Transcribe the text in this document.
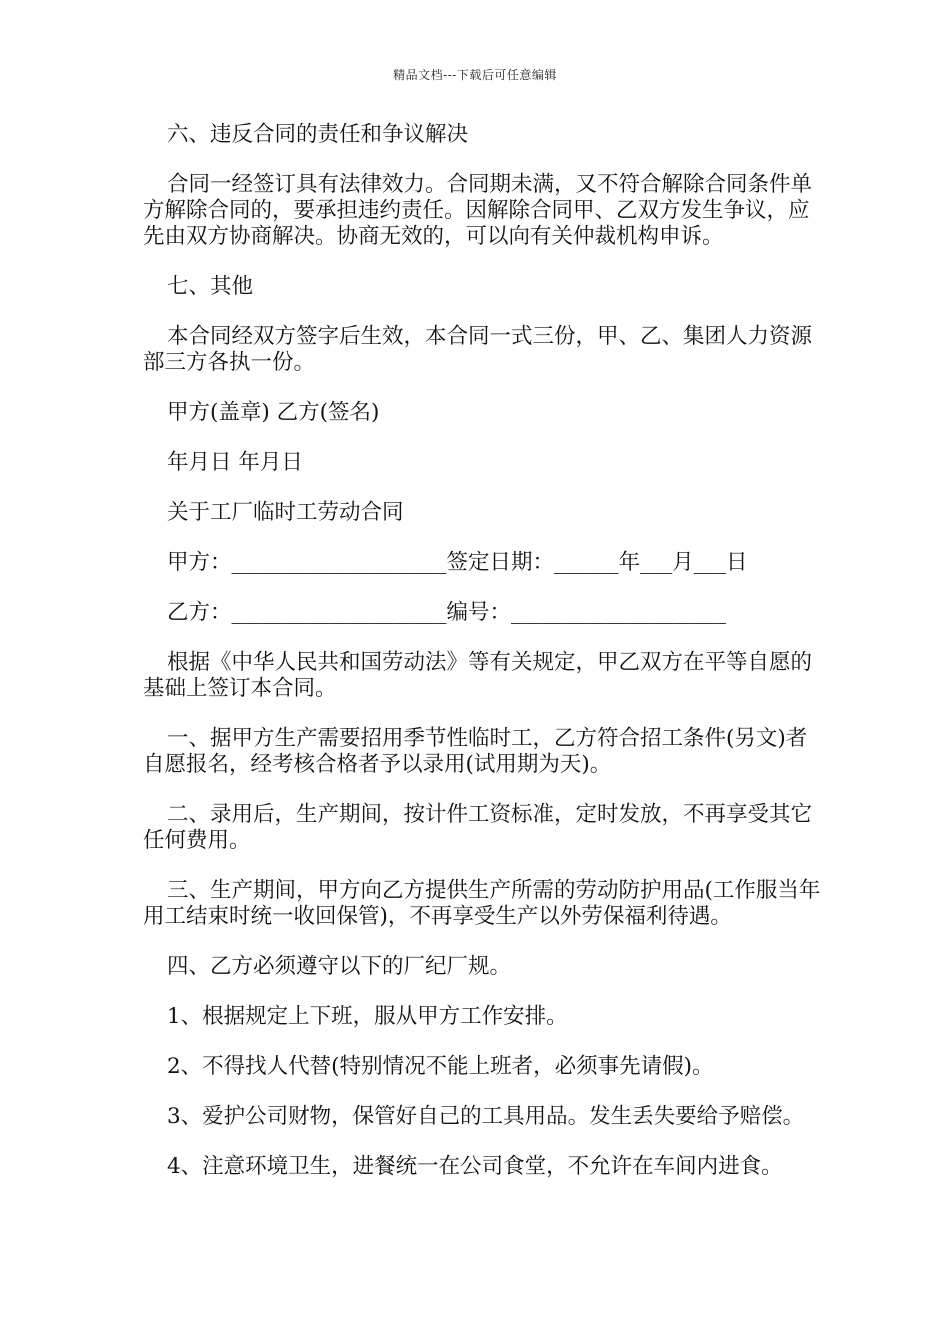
精品文档---下载后可任意编辑

六、违反合同的责任和争议解决

合同一经签订具有法律效力。合同期未满，又不符合解除合同条件单方解除合同的，要承担违约责任。因解除合同甲、乙双方发生争议，应先由双方协商解决。协商无效的，可以向有关仲裁机构申诉。

七、其他

本合同经双方签字后生效，本合同一式三份，甲、乙、集团人力资源部三方各执一份。

甲方(盖章) 乙方(签名)

年月日 年月日

关于工厂临时工劳动合同

甲方：____________________签定日期：______年___月___日

乙方：____________________编号：____________________

根据《中华人民共和国劳动法》等有关规定，甲乙双方在平等自愿的基础上签订本合同。

一、据甲方生产需要招用季节性临时工，乙方符合招工条件(另文)者自愿报名，经考核合格者予以录用(试用期为天)。

二、录用后，生产期间，按计件工资标准，定时发放，不再享受其它任何费用。

三、生产期间，甲方向乙方提供生产所需的劳动防护用品(工作服当年用工结束时统一收回保管)，不再享受生产以外劳保福利待遇。

四、乙方必须遵守以下的厂纪厂规。

1、根据规定上下班，服从甲方工作安排。

2、不得找人代替(特别情况不能上班者，必须事先请假)。

3、爱护公司财物，保管好自己的工具用品。发生丢失要给予赔偿。

4、注意环境卫生，进餐统一在公司食堂，不允许在车间内进食。
